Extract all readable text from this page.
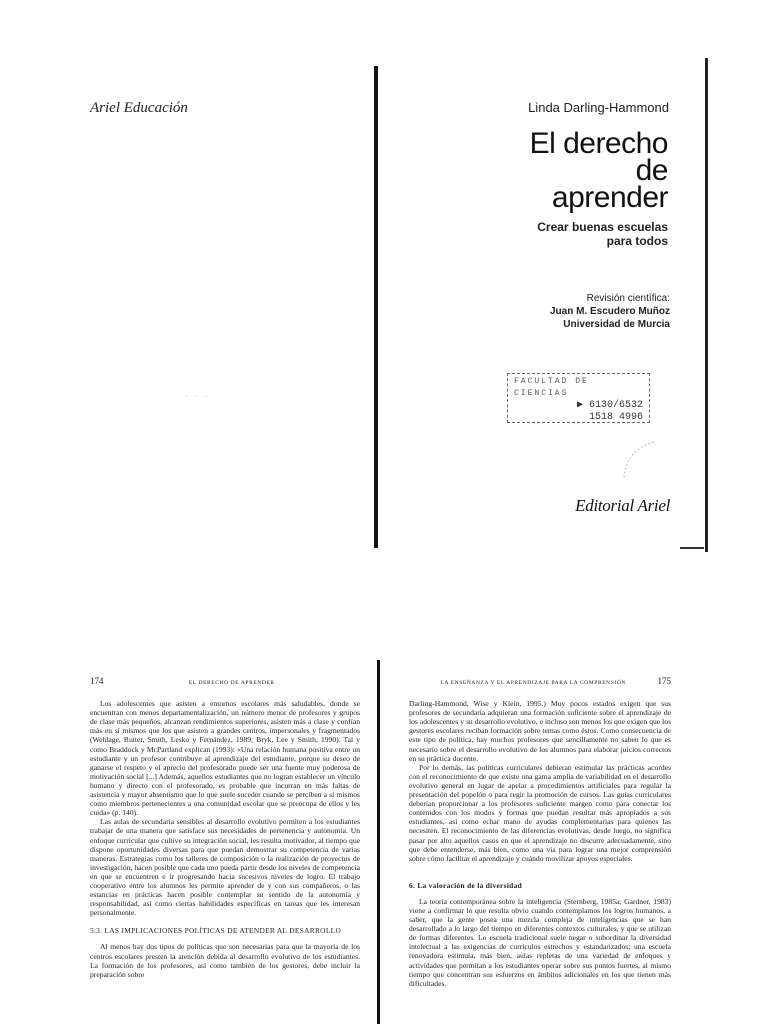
Ariel Educación	Linda Darling-Hammond
El derecho
de
aprender
Crear buenas escuelas
para todos
Revisión científica:
Juan M. Escudero Muñoz
Universidad de Murcia
FACULTAD DE CIENCIAS
▶ 6130/6532
1518 4996
· · ·
Editorial Ariel
174	EL DERECHO DE APRENDER

Los adolescentes que asisten a entornos escolares más saludables, donde se encuentran con menos departamentalización, un número menor de profesores y grupos de clase más pequeños, alcanzan rendimientos superiores, asisten más a clase y confían más en sí mismos que los que asisten a grandes centros, impersonales y fragmentados (Wehlage, Rutter, Smith, Lesko y Fernández, 1989; Bryk, Lee y Smith, 1990). Tal y como Braddock y McPartland explican (1993): «Una relación humana positiva entre un estudiante y un profesor contribuye al aprendizaje del estudiante, porque su deseo de ganarse el respeto y el aprecio del profesorado puede ser una fuente muy poderosa de motivación social [...] Además, aquellos estudiantes que no logran establecer un vínculo humano y directo con el profesorado, es probable que incurran en más faltas de asistencia y mayor absentismo que lo que suele suceder cuando se perciben a sí mismos como miembros pertenecientes a una comunidad escolar que se preocupa de ellos y les cuida» (p. 140).

Las aulas de secundaria sensibles al desarrollo evolutivo permiten a los estudiantes trabajar de una manera que satisface sus necesidades de pertenencia y autonomía. Un enfoque curricular que cultive su integración social, les resulta motivador, al tiempo que dispone oportunidades diversas para que puedan demostrar su competencia de varias maneras. Estrategias como los talleres de composición o la realización de proyectos de investigación, hacen posible que cada uno pueda partir desde los niveles de competencia en que se encuentren e ir progresando hacia sucesivos niveles de logro. El trabajo cooperativo entre los alumnos les permite aprender de y con sus compañeros, o las estancias en prácticas hacen posible contemplar su sentido de la autonomía y responsabilidad, así como ciertas habilidades específicas en tareas que les interesan personalmente.

5.3. LAS IMPLICACIONES POLÍTICAS DE ATENDER AL DESARROLLO

Al menos hay dos tipos de políticas que son necesarias para que la mayoría de los centros escolares presten la atención debida al desarrollo evolutivo de los estudiantes. La formación de los profesores, así como también de los gestores, debe incluir la preparación sobre

LA ENSEÑANZA Y EL APRENDIZAJE PARA LA COMPRENSIÓN	175

Darling-Hammond, Wise y Klein, 1995.) Muy pocos estados exigen que sus profesores de secundaria adquieran una formación suficiente sobre el aprendizaje de los adolescentes y su desarrollo evolutivo, e incluso son menos los que exigen que los gestores escolares reciban formación sobre temas como éstos. Como consecuencia de este tipo de política, hay muchos profesores que sencillamente no saben lo que es necesario sobre el desarrollo evolutivo de los alumnos para elaborar juicios correctos en su práctica docente.

Por lo demás, las políticas curriculares debieran estimular las prácticas acordes con el reconocimiento de que existe una gama amplia de variabilidad en el desarrollo evolutivo general en lugar de apelar a procedimientos artificiales para regular la presentación del popelón o para regir la promoción de cursos. Las guías curriculares deberían proporcionar a los profesores suficiente margen como para conectar los contenidos con los modos y formas que puedan resultar más apropiados a sus estudiantes, así como echar mano de ayudas complementarias para quienes las necesiten. El reconocimiento de las diferencias evolutivas, desde luego, no significa pasar por alto aquellos casos en que el aprendizaje no discurre adecuadamente, sino que debe entenderse, más bien, como una vía para lograr una mejor comprensión sobre cómo facilitar el aprendizaje y cuándo movilizar apoyos especiales.

6. La valoración de la diversidad

La teoría contemporánea sobre la inteligencia (Sternberg, 1985a; Gardner, 1983) viene a confirmar lo que resulta obvio cuando contemplamos los logros humanos, a saber, que la gente posea una mezcla compleja de inteligencias que se han desarrollado a lo largo del tiempo en diferentes contextos culturales, y que se utilizan de formas diferentes. Lo escuela tradicional suele negar o subordinar la diversidad intelectual a las exigencias de currículos estrechos y estandarizados; una escuela renovadora estimula, más bien, aulas repletas de una variedad de enfoques y actividades que permitan a los estudiantes operar sobre sus puntos fuertes, al mismo tiempo que concentran sus esfuerzos en ámbitos adicionales en los que tienen más dificultades.
